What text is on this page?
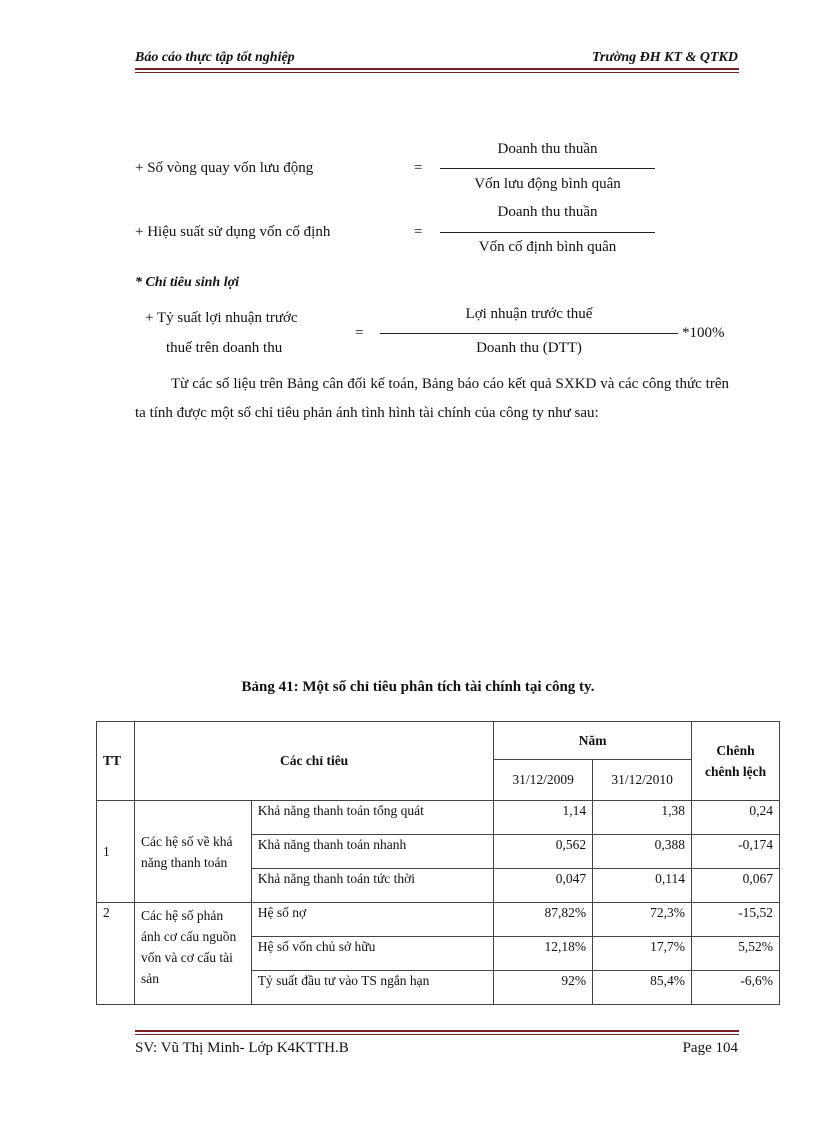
Báo cáo thực tập tốt nghiệp	Trường ĐH KT & QTKD
+ Số vòng quay vốn lưu động	=
Doanh thu thuần
Vốn lưu động bình quân
+ Hiệu suất sử dụng vốn cố định	=
Doanh thu thuần
Vốn cố định bình quân
* Chỉ tiêu sinh lợi
+ Tỷ suất lợi nhuận trước
thuế trên doanh thu
=
Lợi nhuận trước thuế
Doanh thu (DTT)
*100%
Từ các số liệu trên Bảng cân đối kế toán, Bảng báo cáo kết quả SXKD và các công thức trên ta tính được một số chỉ tiêu phản ánh tình hình tài chính của công ty như sau:
Bảng 41: Một số chỉ tiêu phân tích tài chính tại công ty.
TT	Các chỉ tiêu		Năm		Chênh chênh lệch
			31/12/2009	31/12/2010	
1	Các hệ số về khả năng thanh toán	Khả năng thanh toán tổng quát	1,14	1,38	0,24
		Khả năng thanh toán nhanh	0,562	0,388	-0,174
		Khả năng thanh toán tức thời	0,047	0,114	0,067
2	Các hệ số phản ánh cơ cấu nguồn vốn và cơ cấu tài sản	Hệ số nợ	87,82%	72,3%	-15,52
		Hệ số vốn chủ sở hữu	12,18%	17,7%	5,52%
		Tỷ suất đầu tư vào TS ngắn hạn	92%	85,4%	-6,6%
SV: Vũ Thị Minh- Lớp K4KTTH.B	Page 104
